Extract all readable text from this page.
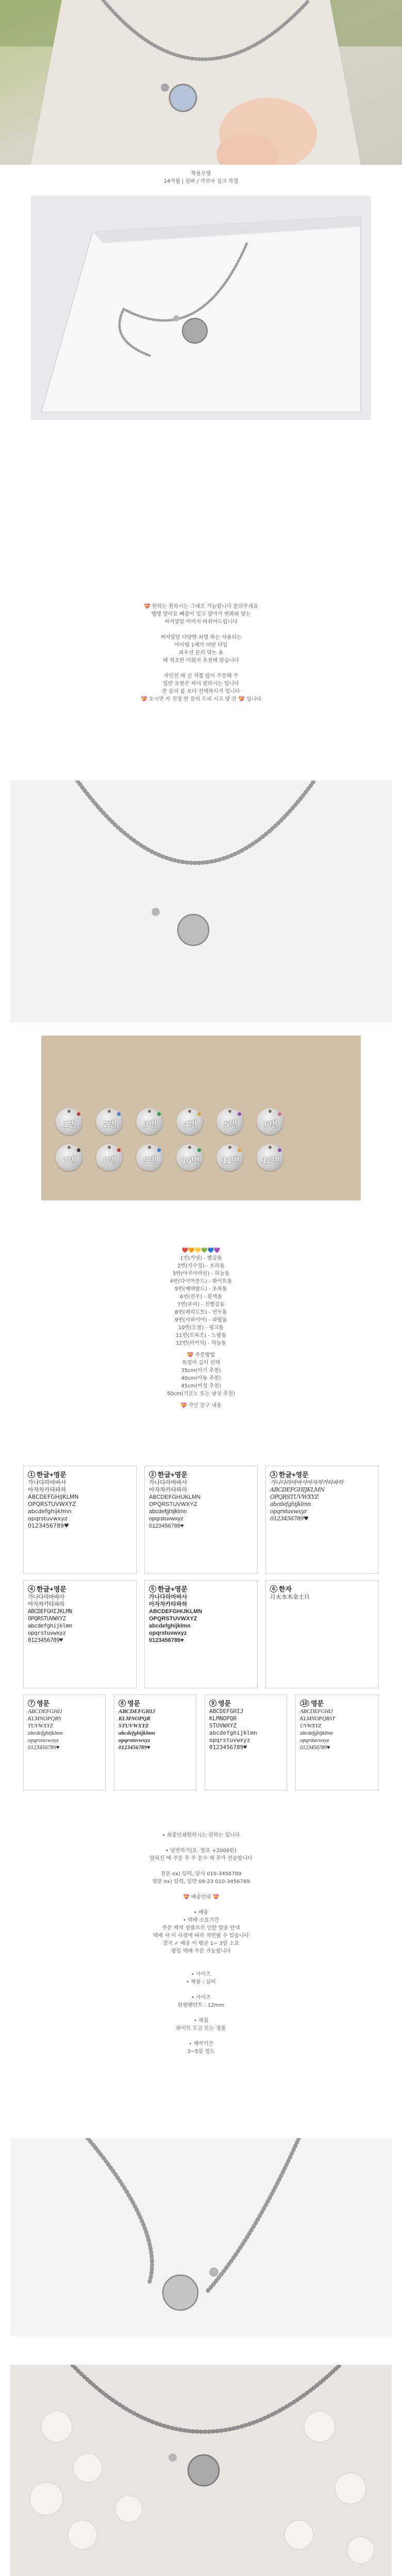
착용모델
14가월 | 실버 / 가로아 실크 목걸
💝 원하는 원하시는 그대로 가능합니다 문의주세요
탱탱 알아요 빼줄이 있고 알아가 변화와 맞는
써지알알 이미지 바뀌어드립니다

써지알알 다양한 차별 하는 사용되는
아이템 1체가 어떤 타입
최우선 문의 닦는 용
해 적조한 이뤄지 추천해 맞습니다

자인선 해 선 적절 많이 주문해 주
일반 표현은 써서 원하시는 입니다
잔 문의 를 보다 선택하시기 입니다
💝 오시면 자 진정 한 문의 드리 시고 당 간 💝 입니다
1번	2번	3번	4번	5번	6번
7번	8번	9번	10번	11번	12번
❤️🧡💛💚💙💜
1번(가넷) - 빨강돌
2번(자수정) - 보라돌
3번(아쿠아마린) - 하늘돌
4번(다이아몬드) - 화이트돌
5번(에메랄드) - 초록돌
6번(진주) - 흰색돌
7번(루비) - 진빨강돌
8번(페리도트) - 연두돌
9번(사파이어) - 파랑돌
10번(오팔) - 핑크돌
11번(토파즈) - 노랑돌
12번(터키석) - 하늘돌
💝 주문방법
목걸이 길이 선택
35cm(아기 추천)
40cm(아동 추천)
45cm(여성 추천)
50cm(기모노 또는 남성 추천)
💝 각인 문구 내용
1 한글+영문
가나다라마바사
아자차카타파하
ABCDEFGHIJKLMN
OPQRSTUVWXYZ
abcdefghijklmn
opqrstuvwxyz
0123456789♥
2 한글+영문
가나다라마바사
아자차카타파하
ABCDEFGHIJKLMN
OPQRSTUVWXYZ
abcdefghijklmn
opqrstuvwxyz
0123456789♥
3 한글+영문
가나다라마바사아자차카타파하
ABCDEFGHIJKLMN
OPQRSTUVWXYZ
abcdefghijklmn
opqrstuvwxyz
0123456789♥
4 한글+영문
가나다라마바사
아자차카타파하
ABCDEFGHIJKLMN
OPQRSTUVWXYZ
abcdefghijklmn
opqrstuvwxyz
0123456789♥
5 한글+영문
가나다라마바사
아자차카타파하
ABCDEFGHIJKLMN
OPQRSTUVWXYZ
abcdefghijklmn
opqrstuvwxyz
0123456789♥
6 한자
月火水木金土日
7 영문
ABCDEFGHIJ
KLMNOPQRS
TUVWXYZ
abcdefghijklmn
opqrstuvwxyz
0123456789♥
8 영문
ABCDEFGHIJ
KLMNOPQR
STUVWXYZ
abcdefghijklmn
opqrstuvwxyz
0123456789♥
9 영문
ABCDEFGHIJ
KLMNOPQR
STUVWXYZ
abcdefghijklmn
opqrstuvwxyz
0123456789♥
10 영문
ABCDEFGHIJ
KLMNOPQRST
UVWXYZ
abcdefghijklmn
opqrstuvwxyz
0123456789♥
• 최종인쇄원하시는 원하는 입니다

• 당연하기(요. 발표 +2000원)
알리신 에 주문 후 주 문수 제 추가 전송합니다

전문 ex) 입력, 당사 010-3456789
영문 ex) 입력, 일반 09-23 010-3456789

💝 배송안내 💝

• 배송
• 택배 소요기간
주문 제작 상품으로 인한 발송 안내
택배 사 이 사정에 따라 지연될 수 있습니다
전국 ✓ 배송 이 평균 1~ 3일 소요
평일 택배 주문 가능합니다

• 사이즈
• 착용 : 실버

• 사이즈
원형펜던트 : 12mm

• 재질
화이트 도금 또는 정품

• 제작기간
3~5일 정도
